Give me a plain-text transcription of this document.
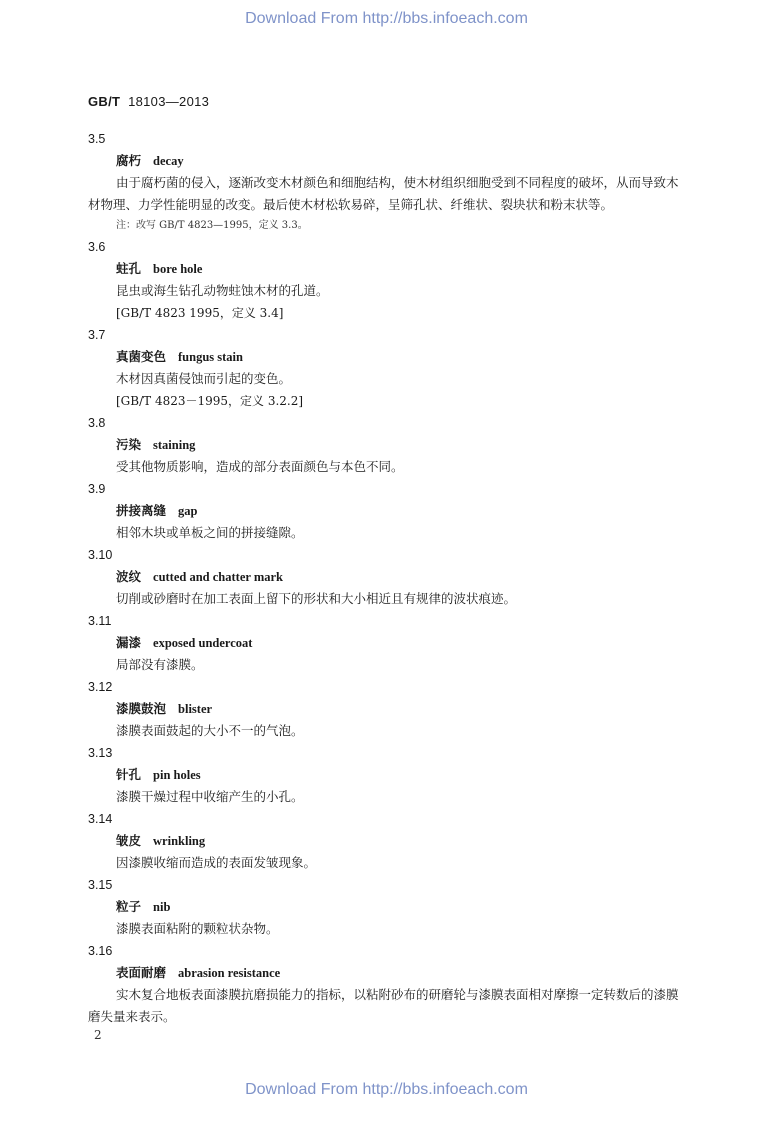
Download From http://bbs.infoeach.com
GB/T 18103—2013
3.5
腐朽 decay
由于腐朽菌的侵入，逐渐改变木材颜色和细胞结构，使木材组织细胞受到不同程度的破坏，从而导致木材物理、力学性能明显的改变。最后使木材松软易碎，呈筛孔状、纤维状、裂块状和粉末状等。
注：改写 GB/T 4823—1995，定义 3.3。
3.6
蛀孔 bore hole
昆虫或海生钻孔动物蛀蚀木材的孔道。
[GB/T 4823 1995，定义 3.4]
3.7
真菌变色 fungus stain
木材因真菌侵蚀而引起的变色。
[GB/T 4823－1995，定义 3.2.2]
3.8
污染 staining
受其他物质影响，造成的部分表面颜色与本色不同。
3.9
拼接离缝 gap
相邻木块或单板之间的拼接缝隙。
3.10
波纹 cutted and chatter mark
切削或砂磨时在加工表面上留下的形状和大小相近且有规律的波状痕迹。
3.11
漏漆 exposed undercoat
局部没有漆膜。
3.12
漆膜鼓泡 blister
漆膜表面鼓起的大小不一的气泡。
3.13
针孔 pin holes
漆膜干燥过程中收缩产生的小孔。
3.14
皱皮 wrinkling
因漆膜收缩而造成的表面发皱现象。
3.15
粒子 nib
漆膜表面粘附的颗粒状杂物。
3.16
表面耐磨 abrasion resistance
实木复合地板表面漆膜抗磨损能力的指标，以粘附砂布的研磨轮与漆膜表面相对摩擦一定转数后的漆膜磨失量来表示。
2
Download From http://bbs.infoeach.com
